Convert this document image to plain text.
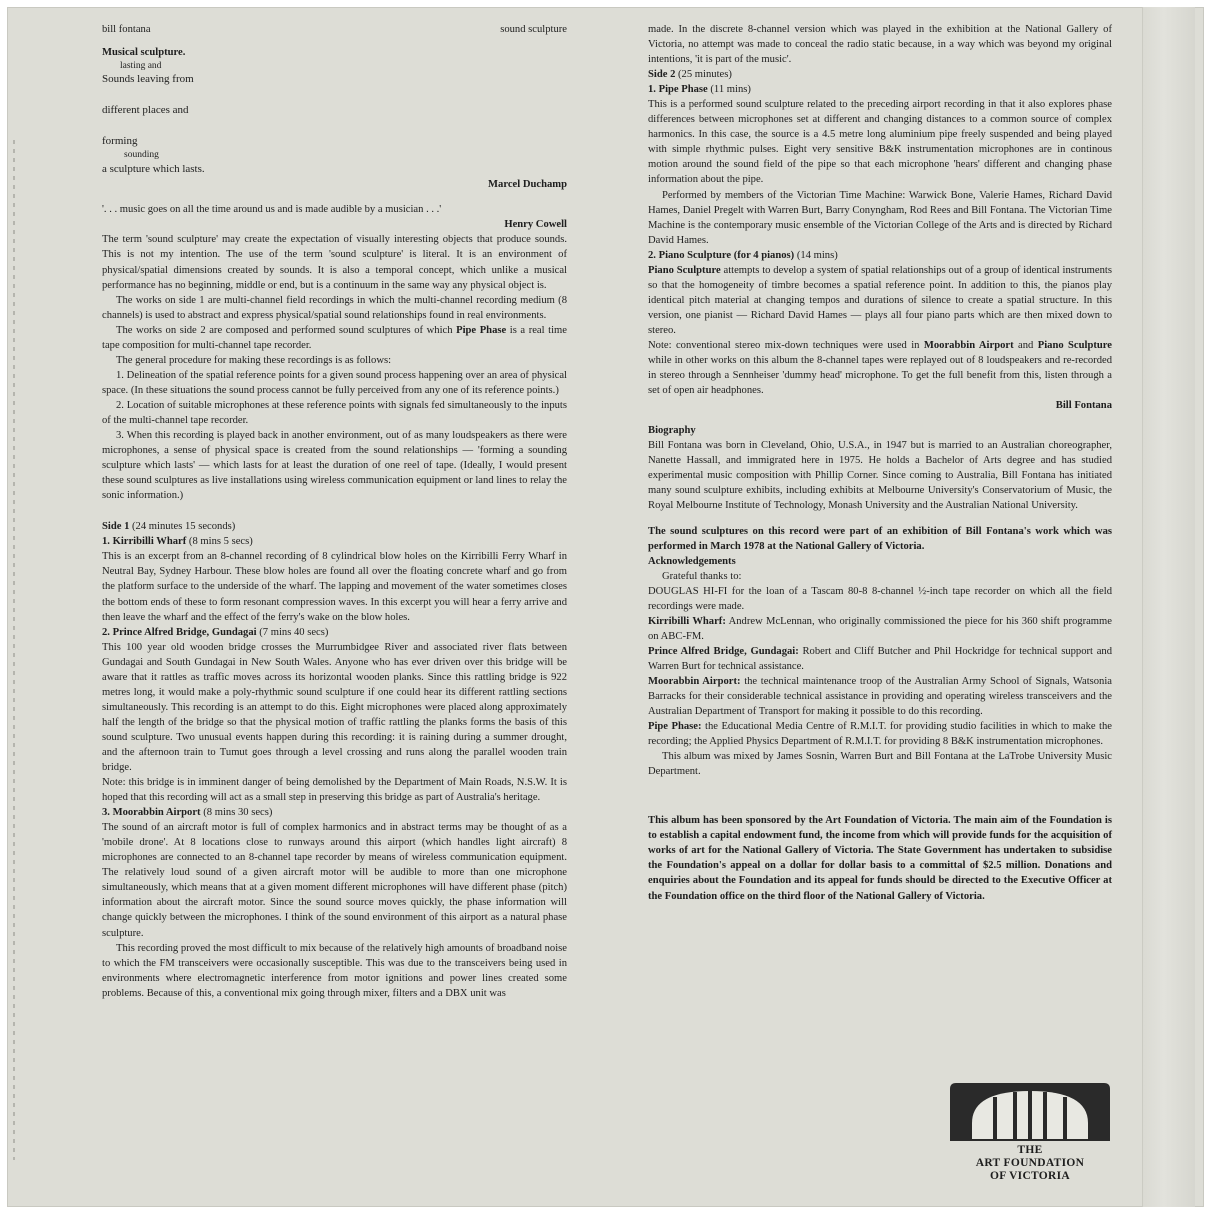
bill fontana	sound sculpture
Musical sculpture.
lasting and
Sounds leaving from
different places and
forming
sounding
a sculpture which lasts.
Marcel Duchamp

'. . . music goes on all the time around us and is made audible by a musician . . .'

Henry Cowell

The term 'sound sculpture' may create the expectation of visually interesting objects that produce sounds. This is not my intention. The use of the term 'sound sculpture' is literal. It is an environment of physical/spatial dimensions created by sounds. It is also a temporal concept, which unlike a musical performance has no beginning, middle or end, but is a continuum in the same way any physical object is.

The works on side 1 are multi-channel field recordings in which the multi-channel recording medium (8 channels) is used to abstract and express physical/spatial sound relationships found in real environments.

The works on side 2 are composed and performed sound sculptures of which Pipe Phase is a real time tape composition for multi-channel tape recorder.

The general procedure for making these recordings is as follows:

1. Delineation of the spatial reference points for a given sound process happening over an area of physical space. (In these situations the sound process cannot be fully perceived from any one of its reference points.)

2. Location of suitable microphones at these reference points with signals fed simultaneously to the inputs of the multi-channel tape recorder.

3. When this recording is played back in another environment, out of as many loudspeakers as there were microphones, a sense of physical space is created from the sound relationships — 'forming a sounding sculpture which lasts' — which lasts for at least the duration of one reel of tape. (Ideally, I would present these sound sculptures as live installations using wireless communication equipment or land lines to relay the sonic information.)

Side 1 (24 minutes 15 seconds)

1. Kirribilli Wharf (8 mins 5 secs)

This is an excerpt from an 8-channel recording of 8 cylindrical blow holes on the Kirribilli Ferry Wharf in Neutral Bay, Sydney Harbour. These blow holes are found all over the floating concrete wharf and go from the platform surface to the underside of the wharf. The lapping and movement of the water sometimes closes the bottom ends of these to form resonant compression waves. In this excerpt you will hear a ferry arrive and then leave the wharf and the effect of the ferry's wake on the blow holes.

2. Prince Alfred Bridge, Gundagai (7 mins 40 secs)

This 100 year old wooden bridge crosses the Murrumbidgee River and associated river flats between Gundagai and South Gundagai in New South Wales. Anyone who has ever driven over this bridge will be aware that it rattles as traffic moves across its horizontal wooden planks. Since this rattling bridge is 922 metres long, it would make a poly-rhythmic sound sculpture if one could hear its different rattling sections simultaneously. This recording is an attempt to do this. Eight microphones were placed along approximately half the length of the bridge so that the physical motion of traffic rattling the planks forms the basis of this sound sculpture. Two unusual events happen during this recording: it is raining during a summer drought, and the afternoon train to Tumut goes through a level crossing and runs along the parallel wooden train bridge.

Note: this bridge is in imminent danger of being demolished by the Department of Main Roads, N.S.W. It is hoped that this recording will act as a small step in preserving this bridge as part of Australia's heritage.

3. Moorabbin Airport (8 mins 30 secs)

The sound of an aircraft motor is full of complex harmonics and in abstract terms may be thought of as a 'mobile drone'. At 8 locations close to runways around this airport (which handles light aircraft) 8 microphones are connected to an 8-channel tape recorder by means of wireless communication equipment. The relatively loud sound of a given aircraft motor will be audible to more than one microphone simultaneously, which means that at a given moment different microphones will have different phase (pitch) information about the aircraft motor. Since the sound source moves quickly, the phase information will change quickly between the microphones. I think of the sound environment of this airport as a natural phase sculpture.

This recording proved the most difficult to mix because of the relatively high amounts of broadband noise to which the FM transceivers were occasionally susceptible. This was due to the transceivers being used in environments where electromagnetic interference from motor ignitions and power lines created some problems. Because of this, a conventional mix going through mixer, filters and a DBX unit was

made. In the discrete 8-channel version which was played in the exhibition at the National Gallery of Victoria, no attempt was made to conceal the radio static because, in a way which was beyond my original intentions, 'it is part of the music'.

Side 2 (25 minutes)

1. Pipe Phase (11 mins)

This is a performed sound sculpture related to the preceding airport recording in that it also explores phase differences between microphones set at different and changing distances to a common source of complex harmonics. In this case, the source is a 4.5 metre long aluminium pipe freely suspended and being played with simple rhythmic pulses. Eight very sensitive B&K instrumentation microphones are in continous motion around the sound field of the pipe so that each microphone 'hears' different and changing phase information about the pipe.

Performed by members of the Victorian Time Machine: Warwick Bone, Valerie Hames, Richard David Hames, Daniel Pregelt with Warren Burt, Barry Conyngham, Rod Rees and Bill Fontana. The Victorian Time Machine is the contemporary music ensemble of the Victorian College of the Arts and is directed by Richard David Hames.

2. Piano Sculpture (for 4 pianos) (14 mins)

Piano Sculpture attempts to develop a system of spatial relationships out of a group of identical instruments so that the homogeneity of timbre becomes a spatial reference point. In addition to this, the pianos play identical pitch material at changing tempos and durations of silence to create a spatial structure. In this version, one pianist — Richard David Hames — plays all four piano parts which are then mixed down to stereo.

Note: conventional stereo mix-down techniques were used in Moorabbin Airport and Piano Sculpture while in other works on this album the 8-channel tapes were replayed out of 8 loudspeakers and re-recorded in stereo through a Sennheiser 'dummy head' microphone. To get the full benefit from this, listen through a set of open air headphones.

Bill Fontana

Biography

Bill Fontana was born in Cleveland, Ohio, U.S.A., in 1947 but is married to an Australian choreographer, Nanette Hassall, and immigrated here in 1975. He holds a Bachelor of Arts degree and has studied experimental music composition with Phillip Corner. Since coming to Australia, Bill Fontana has initiated many sound sculpture exhibits, including exhibits at Melbourne University's Conservatorium of Music, the Royal Melbourne Institute of Technology, Monash University and the Australian National University.

The sound sculptures on this record were part of an exhibition of Bill Fontana's work which was performed in March 1978 at the National Gallery of Victoria.

Acknowledgements

Grateful thanks to:

DOUGLAS HI-FI for the loan of a Tascam 80-8 8-channel ½-inch tape recorder on which all the field recordings were made.

Kirribilli Wharf: Andrew McLennan, who originally commissioned the piece for his 360 shift programme on ABC-FM.

Prince Alfred Bridge, Gundagai: Robert and Cliff Butcher and Phil Hockridge for technical support and Warren Burt for technical assistance.

Moorabbin Airport: the technical maintenance troop of the Australian Army School of Signals, Watsonia Barracks for their considerable technical assistance in providing and operating wireless transceivers and the Australian Department of Transport for making it possible to do this recording.

Pipe Phase: the Educational Media Centre of R.M.I.T. for providing studio facilities in which to make the recording; the Applied Physics Department of R.M.I.T. for providing 8 B&K instrumentation microphones.

This album was mixed by James Sosnin, Warren Burt and Bill Fontana at the LaTrobe University Music Department.

This album has been sponsored by the Art Foundation of Victoria. The main aim of the Foundation is to establish a capital endowment fund, the income from which will provide funds for the acquisition of works of art for the National Gallery of Victoria. The State Government has undertaken to subsidise the Foundation's appeal on a dollar for dollar basis to a committal of $2.5 million. Donations and enquiries about the Foundation and its appeal for funds should be directed to the Executive Officer at the Foundation office on the third floor of the National Gallery of Victoria.

THE
ART FOUNDATION
OF VICTORIA
